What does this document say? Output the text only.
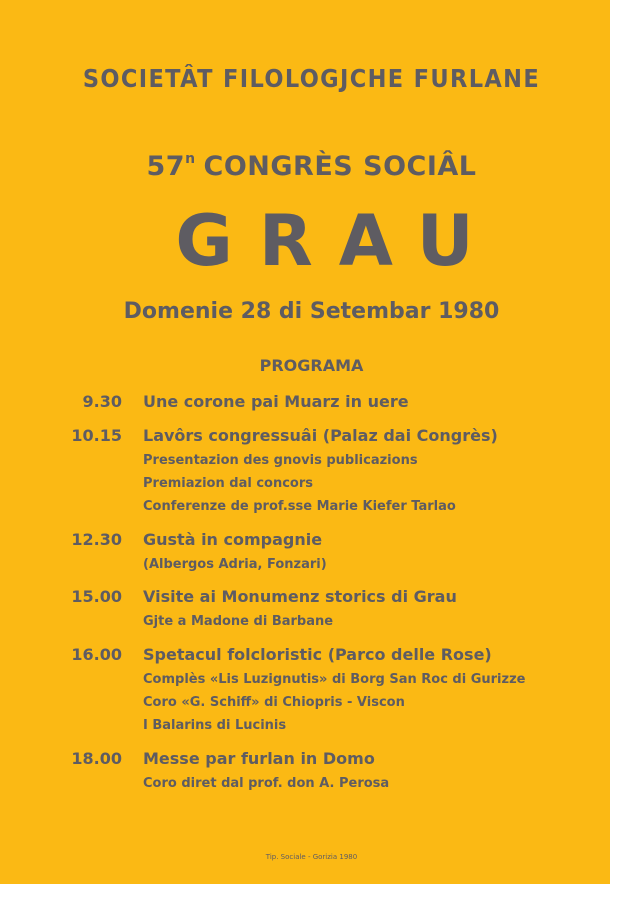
SOCIETÂT FILOLOGJCHE FURLANE
57$^n$ CONGRÈS SOCIÂL
GRAU
Domenie 28 di Setembar 1980
PROGRAMA
9.30 Une corone pai Muarz in uere
10.15 Lavôrs congressuâi (Palaz dai Congrès)
Presentazion des gnovis publicazions
Premiazion dal concors
Conferenze de prof.sse Marie Kiefer Tarlao
12.30 Gustà in compagnie
(Albergos Adria, Fonzari)
15.00 Visite ai Monumenz storics di Grau
Gjte a Madone di Barbane
16.00 Spetacul folcloristic (Parco delle Rose)
Complès «Lis Luzignutis» di Borg San Roc di Gurizze
Coro «G. Schiff» di Chiopris - Viscon
I Balarins di Lucinis
18.00 Messe par furlan in Domo
Coro diret dal prof. don A. Perosa
Tip. Sociale - Gorizia 1980
